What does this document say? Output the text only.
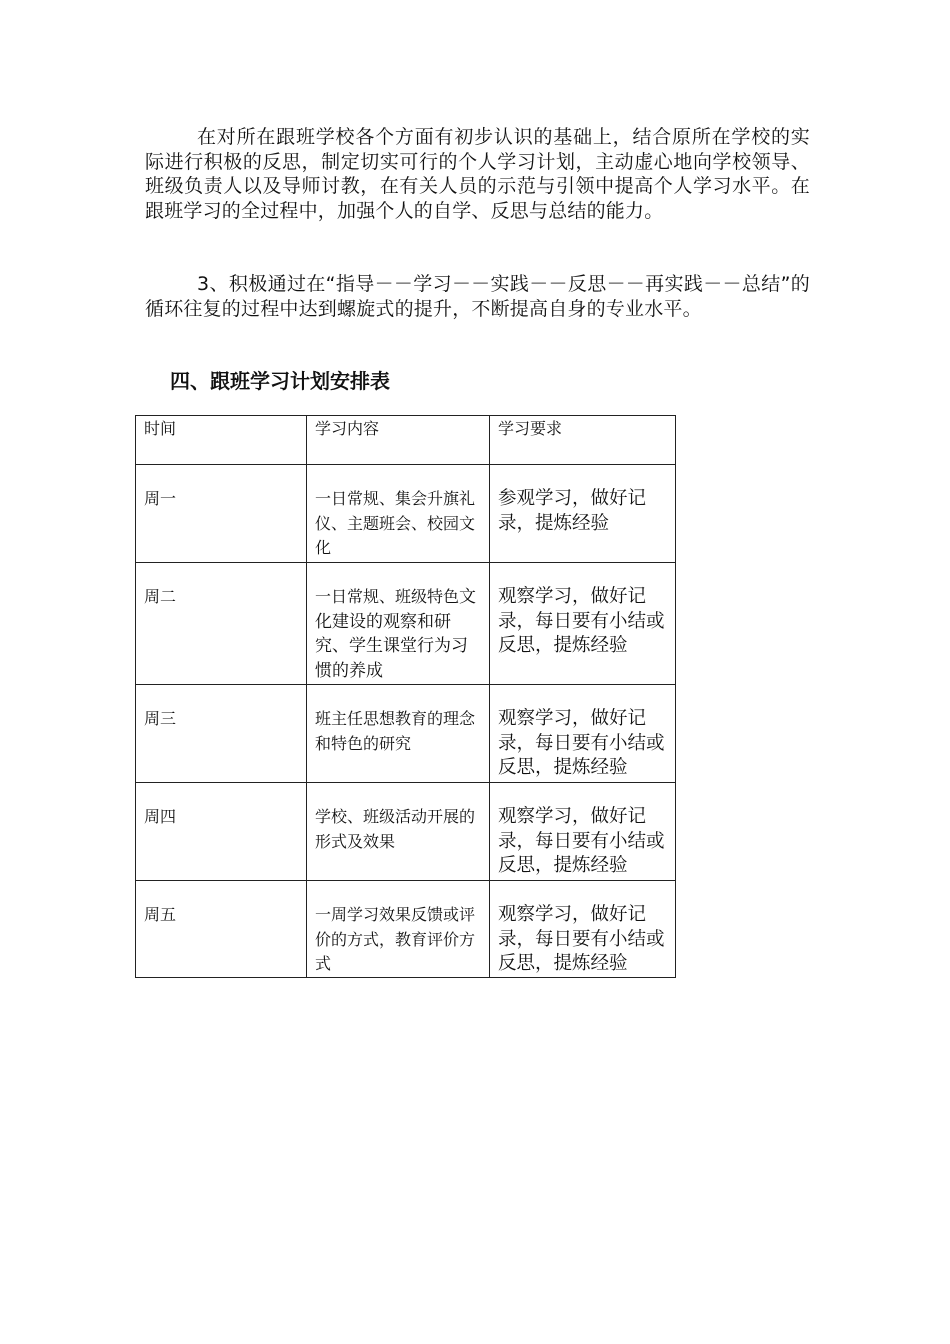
在对所在跟班学校各个方面有初步认识的基础上，结合原所在学校的实际进行积极的反思，制定切实可行的个人学习计划，主动虚心地向学校领导、班级负责人以及导师讨教，在有关人员的示范与引领中提高个人学习水平。在跟班学习的全过程中，加强个人的自学、反思与总结的能力。

3、积极通过在“指导－－学习－－实践－－反思－－再实践－－总结”的循环往复的过程中达到螺旋式的提升，不断提高自身的专业水平。

四、跟班学习计划安排表
时间	学习内容	学习要求
周一	一日常规、集会升旗礼仪、主题班会、校园文化	参观学习，做好记录，提炼经验
周二	一日常规、班级特色文化建设的观察和研究、学生课堂行为习惯的养成	观察学习，做好记录，每日要有小结或反思，提炼经验
周三	班主任思想教育的理念和特色的研究	观察学习，做好记录，每日要有小结或反思，提炼经验
周四	学校、班级活动开展的形式及效果	观察学习，做好记录，每日要有小结或反思，提炼经验
周五	一周学习效果反馈或评价的方式，教育评价方式	观察学习，做好记录，每日要有小结或反思，提炼经验
